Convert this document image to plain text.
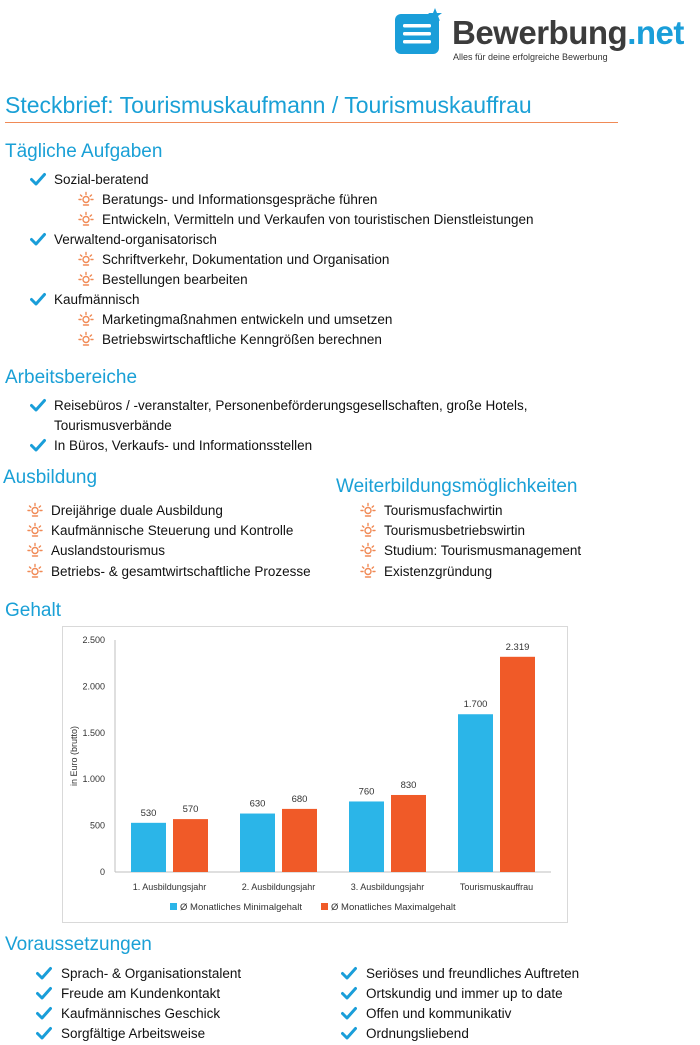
Bewerbung.net
Alles für deine erfolgreiche Bewerbung
Steckbrief: Tourismuskaufmann / Tourismuskauffrau
Tägliche Aufgaben
Sozial-beratend
Beratungs- und Informationsgespräche führen
Entwickeln, Vermitteln und Verkaufen von touristischen Dienstleistungen
Verwaltend-organisatorisch
Schriftverkehr, Dokumentation und Organisation
Bestellungen bearbeiten
Kaufmännisch
Marketingmaßnahmen entwickeln und umsetzen
Betriebswirtschaftliche Kenngrößen berechnen
Arbeitsbereiche
Reisebüros / -veranstalter, Personenbeförderungsgesellschaften, große Hotels,
Tourismusverbände
In Büros, Verkaufs- und Informationsstellen
Ausbildung
Dreijährige duale Ausbildung
Kaufmännische Steuerung und Kontrolle
Auslandstourismus
Betriebs- & gesamtwirtschaftliche Prozesse
Weiterbildungsmöglichkeiten
Tourismusfachwirtin
Tourismusbetriebswirtin
Studium: Tourismusmanagement
Existenzgründung
Gehalt
0
500
1.000
1.500
2.000
2.500
in Euro (brutto)
530	570
1. Ausbildungsjahr
630	680
2. Ausbildungsjahr
760
830
3. Ausbildungsjahr
1.700
2.319
Tourismuskauffrau
Ø Monatliches Minimalgehalt	Ø Monatliches Maximalgehalt
Voraussetzungen
Sprach- & Organisationstalent
Freude am Kundenkontakt
Kaufmännisches Geschick
Sorgfältige Arbeitsweise
Seriöses und freundliches Auftreten
Ortskundig und immer up to date
Offen und kommunikativ
Ordnungsliebend
